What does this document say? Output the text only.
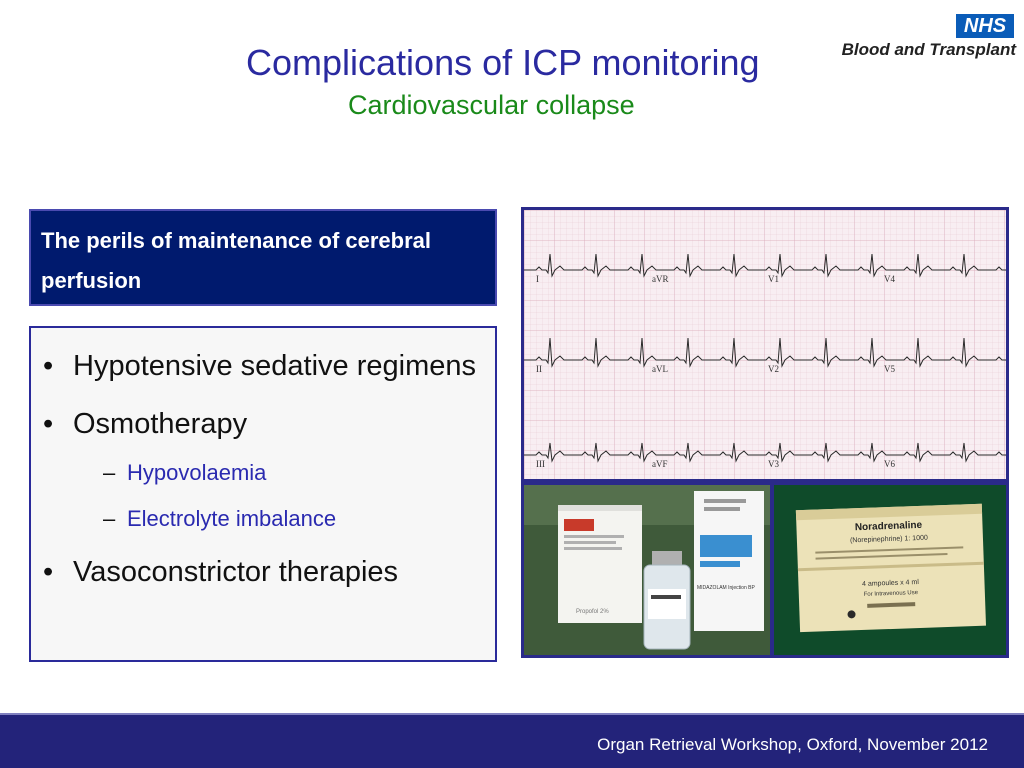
Complications of ICP monitoring
Cardiovascular collapse
NHS
Blood and Transplant
The perils of maintenance of cerebral perfusion
• Hypotensive sedative regimens
• Osmotherapy
– Hypovolaemia
– Electrolyte imbalance
• Vasoconstrictor therapies
I	aVR	V1	V4
II	aVL	V2	V5
III	aVF	V3	V6
Propofol 2%
MIDAZOLAM Injection BP
Noradrenaline
(Norepinephrine) 1: 1000
4 ampoules x 4 ml
For Intravenous Use
Organ Retrieval Workshop, Oxford, November 2012
